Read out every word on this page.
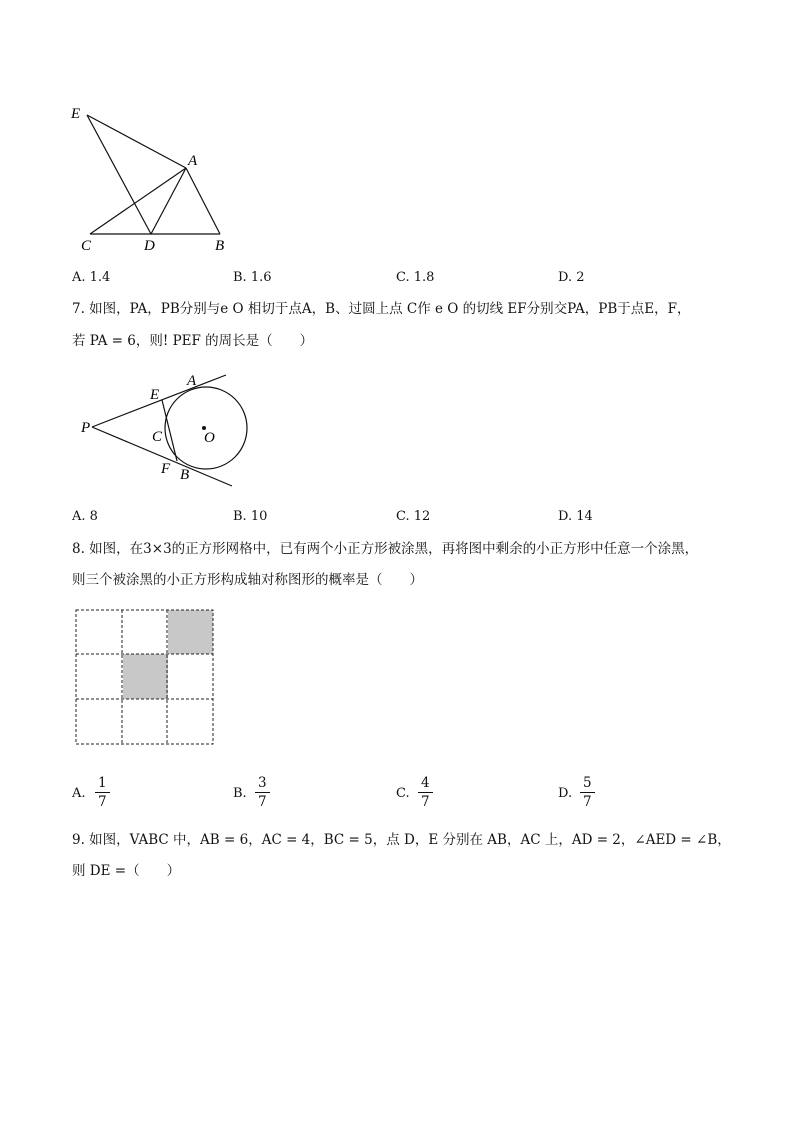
E
A
C	D	B
A. 1.4	B. 1.6	C. 1.8	D. 2
7. 如图，PA，PB分别与e O 相切于点A，B、过圆上点 C作 e O 的切线 EF分别交PA，PB于点E，F，
若 PA = 6，则! PEF 的周长是（　　）
P
E
A
C	O
F B
A. 8	B. 10	C. 12	D. 14
8. 如图，在3×3的正方形网格中，已有两个小正方形被涂黑，再将图中剩余的小正方形中任意一个涂黑，
则三个被涂黑的小正方形构成轴对称图形的概率是（　　）
A. $\frac{1}{7}$	B. $\frac{3}{7}$	C. $\frac{4}{7}$	D. $\frac{5}{7}$
9. 如图，VABC 中，AB = 6，AC = 4，BC = 5，点 D，E 分别在 AB，AC 上，AD = 2，∠AED = ∠B，
则 DE =（　　）
